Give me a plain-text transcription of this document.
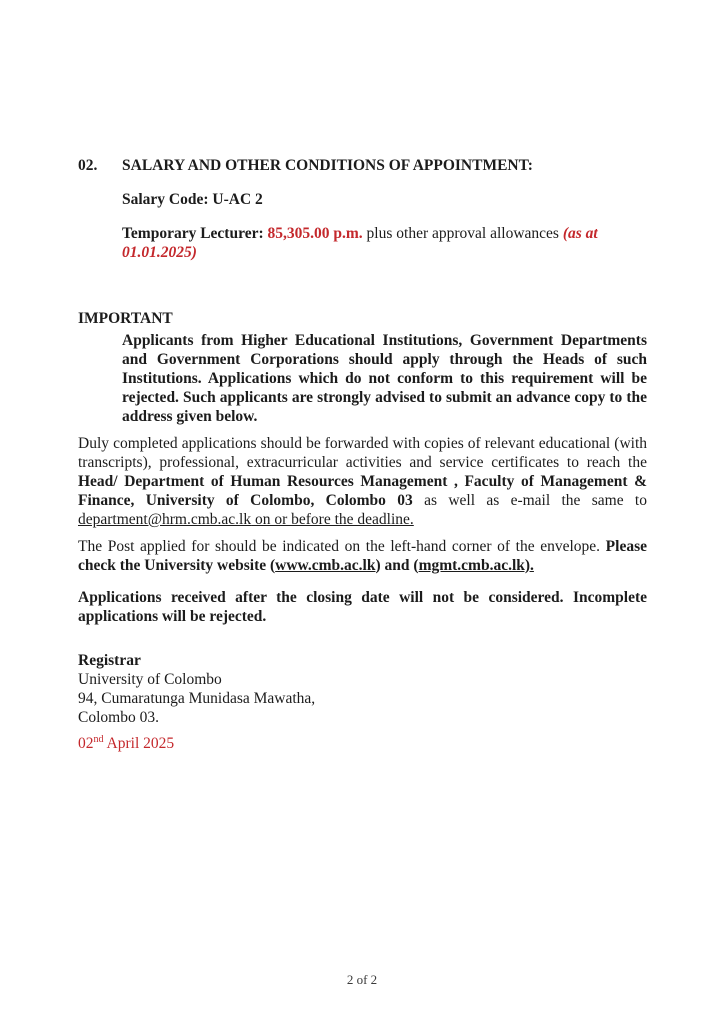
02.	SALARY AND OTHER CONDITIONS OF APPOINTMENT:

Salary Code: U-AC 2

Temporary Lecturer: 85,305.00 p.m. plus other approval allowances (as at 01.01.2025)

IMPORTANT

Applicants from Higher Educational Institutions, Government Departments and Government Corporations should apply through the Heads of such Institutions. Applications which do not conform to this requirement will be rejected. Such applicants are strongly advised to submit an advance copy to the address given below.

Duly completed applications should be forwarded with copies of relevant educational (with transcripts), professional, extracurricular activities and service certificates to reach the Head/ Department of Human Resources Management , Faculty of Management & Finance, University of Colombo, Colombo 03 as well as e-mail the same to department@hrm.cmb.ac.lk on or before the deadline.

The Post applied for should be indicated on the left-hand corner of the envelope. Please check the University website (www.cmb.ac.lk) and (mgmt.cmb.ac.lk).

Applications received after the closing date will not be considered. Incomplete applications will be rejected.

Registrar

University of Colombo

94, Cumaratunga Munidasa Mawatha,

Colombo 03.

02nd April 2025

2 of 2
